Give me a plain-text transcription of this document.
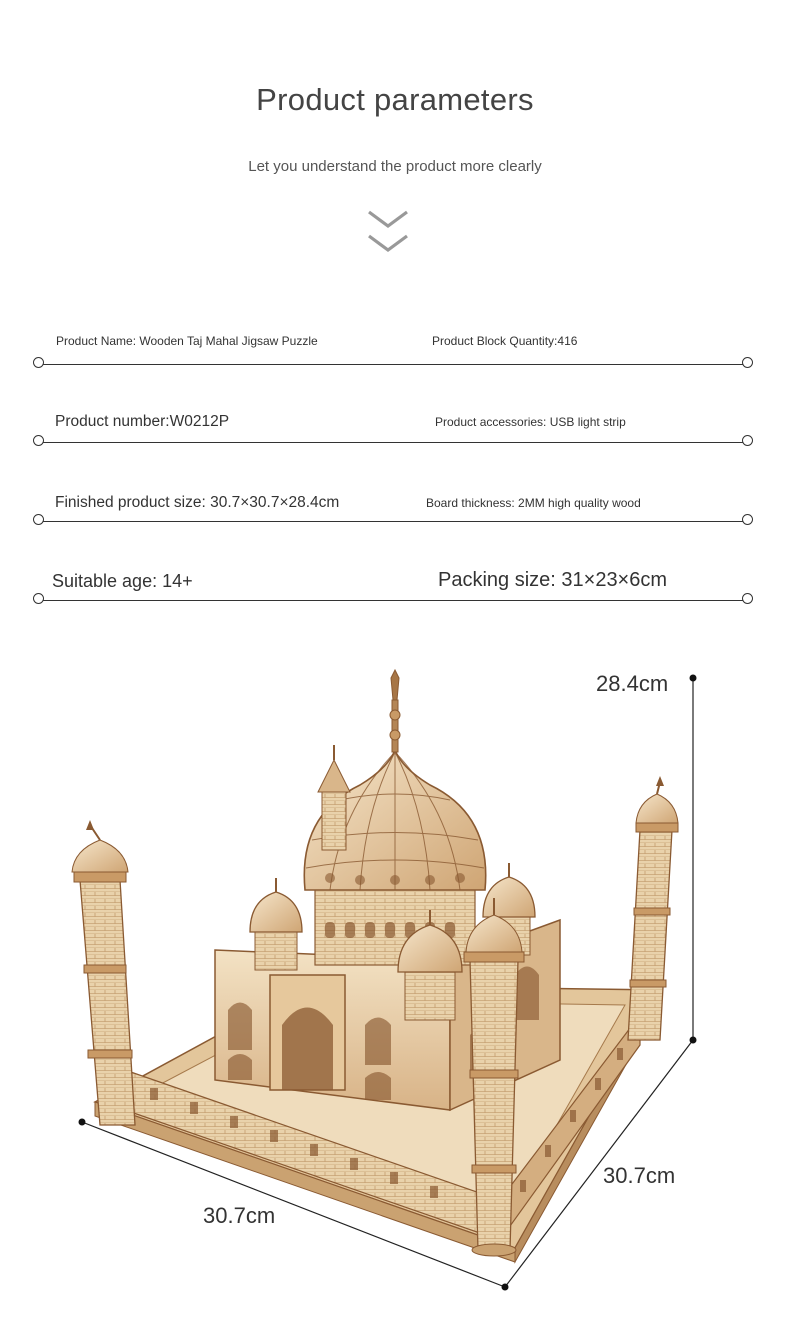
Product parameters
Let you understand the product more clearly
Product Name: Wooden Taj Mahal Jigsaw Puzzle	Product Block Quantity:416
Product number:W0212P	Product accessories: USB light strip
Finished product size: 30.7×30.7×28.4cm	Board thickness: 2MM high quality wood
Suitable age: 14+	Packing size: 31×23×6cm
28.4cm
30.7cm
30.7cm
